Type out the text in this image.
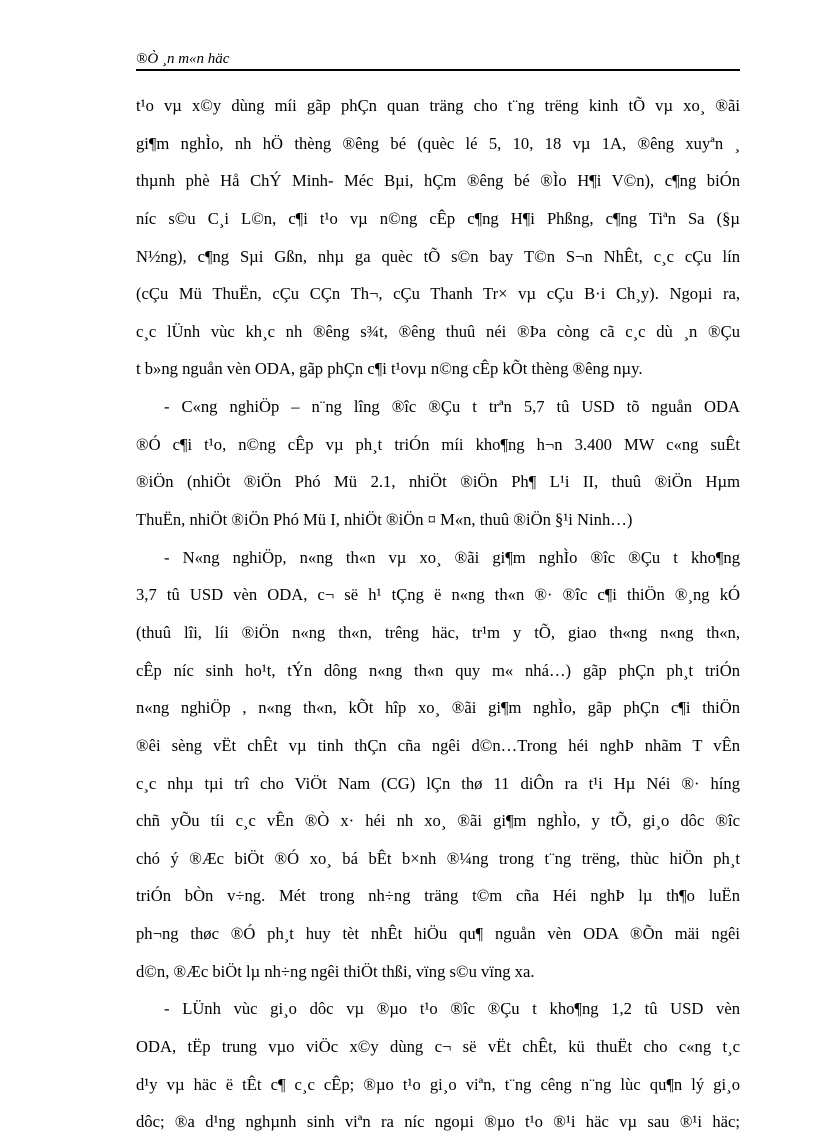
®Ò ¸n m«n häc
t¹o vµ x©y dùng míi gãp phÇn quan träng cho t¨ng trëng kinh tÕ vµ xo¸ ®ãi
gi¶m nghÌo, nh hÖ thèng ®êng bé (quèc lé 5, 10, 18 vµ 1A, ®êng xuyªn ¸
thµnh phè Hå ChÝ Minh- Méc Bµi, hÇm ®êng bé ®Ìo H¶i V©n), c¶ng biÓn
níc s©u C¸i L©n, c¶i t¹o vµ n©ng cÊp c¶ng H¶i Phßng, c¶ng Tiªn Sa (§µ
N½ng), c¶ng Sµi Gßn, nhµ ga quèc tÕ s©n bay T©n S¬n NhÊt, c¸c cÇu lín
(cÇu Mü ThuËn, cÇu CÇn Th¬, cÇu Thanh Tr× vµ cÇu B·i Ch¸y). Ngoµi ra,
c¸c lÜnh vùc kh¸c nh ®êng s¾t, ®êng thuû néi ®Þa còng cã c¸c dù ¸n ®Çu
t b»ng nguån vèn ODA, gãp phÇn c¶i t¹ovµ n©ng cÊp kÕt thèng ®êng nµy.
- C«ng nghiÖp – n¨ng lîng ®îc ®Çu t trªn 5,7 tû USD tõ nguån ODA
®Ó c¶i t¹o, n©ng cÊp vµ ph¸t triÓn míi kho¶ng h¬n 3.400 MW c«ng suÊt
®iÖn (nhiÖt ®iÖn Phó Mü 2.1, nhiÖt ®iÖn Ph¶ L¹i II, thuû ®iÖn Hµm
ThuËn, nhiÖt ®iÖn Phó Mü I, nhiÖt ®iÖn ¤ M«n, thuû ®iÖn §¹i Ninh…)
- N«ng nghiÖp, n«ng th«n vµ xo¸ ®ãi gi¶m nghÌo ®îc ®Çu t kho¶ng
3,7 tû USD vèn ODA, c¬ së h¹ tÇng ë n«ng th«n ®· ®îc c¶i thiÖn ®¸ng kÓ
(thuû lîi, líi ®iÖn n«ng th«n, trêng häc, tr¹m y tÕ, giao th«ng n«ng th«n,
cÊp níc sinh ho¹t, tÝn dông n«ng th«n quy m« nhá…) gãp phÇn ph¸t triÓn
n«ng nghiÖp , n«ng th«n, kÕt hîp xo¸ ®ãi gi¶m nghÌo, gãp phÇn c¶i thiÖn
®êi sèng vËt chÊt vµ tinh thÇn cña ngêi d©n…Trong héi nghÞ nhãm T vÊn
c¸c nhµ tµi trî cho ViÖt Nam (CG) lÇn thø 11 diÔn ra t¹i Hµ Néi ®· híng
chñ yÕu tíi c¸c vÊn ®Ò x· héi nh xo¸ ®ãi gi¶m nghÌo, y tÕ, gi¸o dôc ®îc
chó ý ®Æc biÖt ®Ó xo¸ bá bÊt b×nh ®¼ng trong t¨ng trëng, thùc hiÖn ph¸t
triÓn bÒn v÷ng. Mét trong nh÷ng träng t©m cña Héi nghÞ lµ th¶o luËn
ph¬ng thøc ®Ó ph¸t huy tèt nhÊt hiÖu qu¶ nguån vèn ODA ®Õn mäi ngêi
d©n, ®Æc biÖt lµ nh÷ng ngêi thiÖt thßi, vïng s©u vïng xa.
- LÜnh vùc gi¸o dôc vµ ®µo t¹o ®îc ®Çu t kho¶ng 1,2 tû USD vèn
ODA, tËp trung vµo viÖc x©y dùng c¬ së vËt chÊt, kü thuËt cho c«ng t¸c
d¹y vµ häc ë tÊt c¶ c¸c cÊp; ®µo t¹o gi¸o viªn, t¨ng cêng n¨ng lùc qu¶n lý gi¸o
dôc; ®a d¹ng nghµnh sinh viªn ra níc ngoµi ®µo t¹o ®¹i häc vµ sau ®¹i häc;
